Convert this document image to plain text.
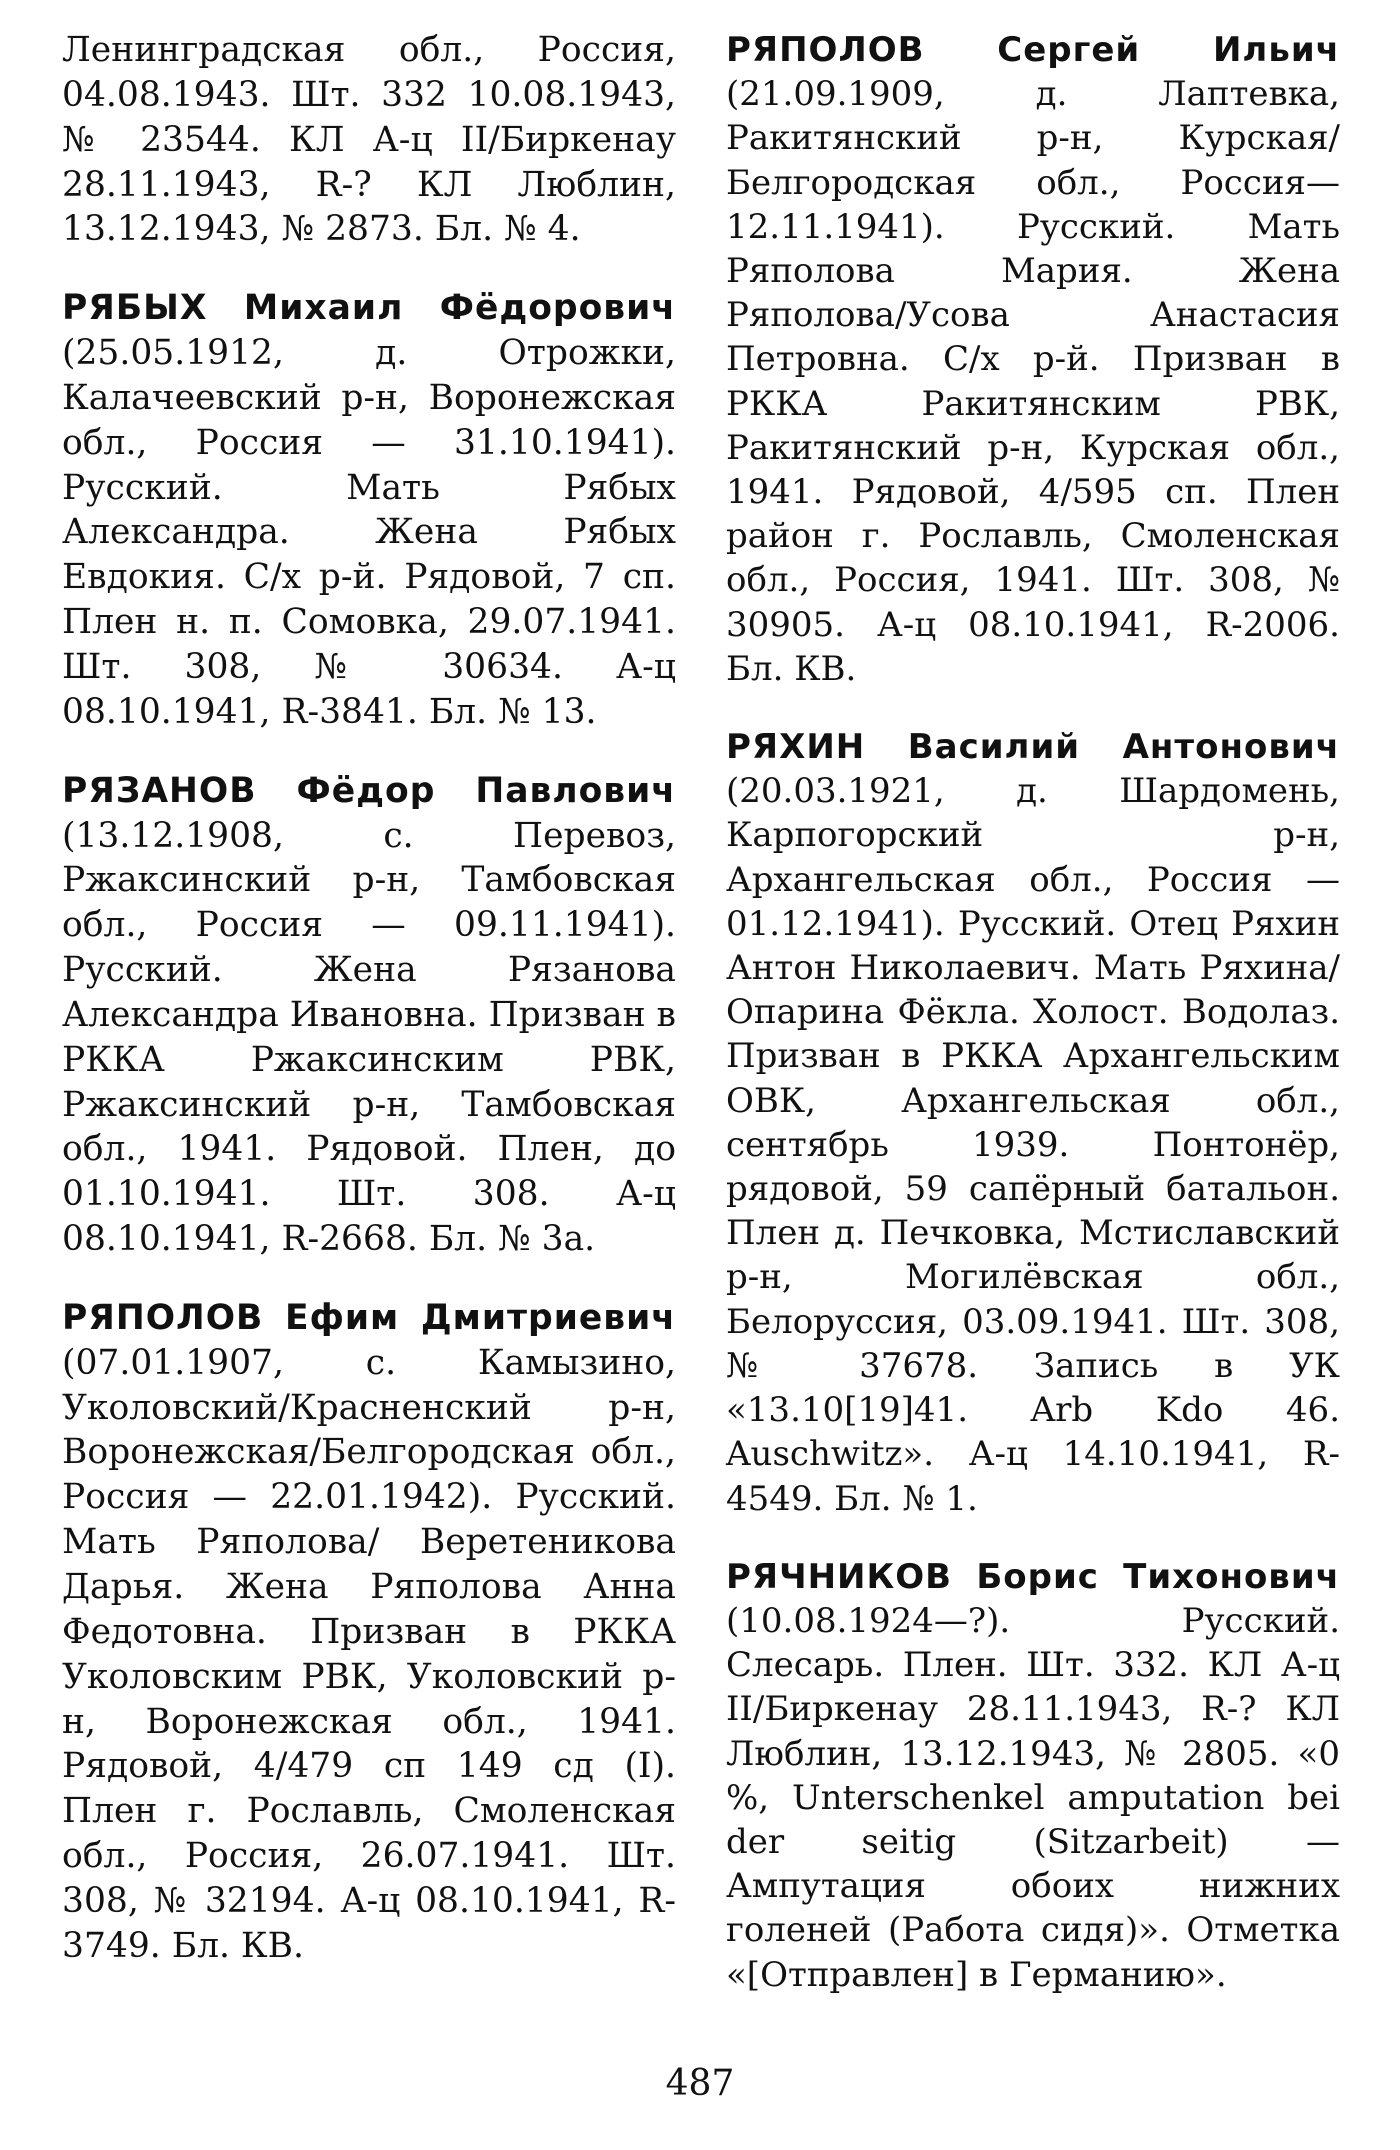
Ленинградская обл., Россия, 04.08.1943. Шт. 332 10.08.1943, № 23544. КЛ А-ц II/Биркенау 28.11.1943, R-? КЛ Люблин, 13.12.1943, № 2873. Бл. № 4.

РЯБЫХ Михаил Фёдорович (25.05.1912, д. Отрожки, Калачеевский р-н, Воронежская обл., Россия — 31.10.1941). Русский. Мать Рябых Александра. Жена Рябых Евдокия. С/х р-й. Рядовой, 7 сп. Плен н. п. Сомовка, 29.07.1941. Шт. 308, № 30634. А-ц 08.10.1941, R-3841. Бл. № 13.

РЯЗАНОВ Фёдор Павлович (13.12.1908, с. Перевоз, Ржаксинский р-н, Тамбовская обл., Россия — 09.11.1941). Русский. Жена Рязанова Александра Ивановна. Призван в РККА Ржаксинским РВК, Ржаксинский р-н, Тамбовская обл., 1941. Рядовой. Плен, до 01.10.1941. Шт. 308. А-ц 08.10.1941, R-2668. Бл. № 3а.

РЯПОЛОВ Ефим Дмитриевич (07.01.1907, с. Камызино, Уколовский/Красненский р-н, Воронежская/Белгородская обл., Россия — 22.01.1942). Русский. Мать Ряполова/ Веретеникова Дарья. Жена Ряполова Анна Федотовна. Призван в РККА Уколовским РВК, Уколовский р-н, Воронежская обл., 1941. Рядовой, 4/479 сп 149 сд (I). Плен г. Рославль, Смоленская обл., Россия, 26.07.1941. Шт. 308, № 32194. А-ц 08.10.1941, R-3749. Бл. КВ.

РЯПОЛОВ Сергей Ильич (21.09.1909, д. Лаптевка, Ракитянский р-н, Курская/Белгородская обл., Россия— 12.11.1941). Русский. Мать Ряполова Мария. Жена Ряполова/Усова Анастасия Петровна. С/х р-й. Призван в РККА Ракитянским РВК, Ракитянский р-н, Курская обл., 1941. Рядовой, 4/595 сп. Плен район г. Рославль, Смоленская обл., Россия, 1941. Шт. 308, № 30905. А-ц 08.10.1941, R-2006. Бл. КВ.

РЯХИН Василий Антонович (20.03.1921, д. Шардомень, Карпогорский р-н, Архангельская обл., Россия — 01.12.1941). Русский. Отец Ряхин Антон Николаевич. Мать Ряхина/ Опарина Фёкла. Холост. Водолаз. Призван в РККА Архангельским ОВК, Архангельская обл., сентябрь 1939. Понтонёр, рядовой, 59 сапёрный батальон. Плен д. Печковка, Мстиславский р-н, Могилёвская обл., Белоруссия, 03.09.1941. Шт. 308, № 37678. Запись в УК «13.10[19]41. Arb Kdo 46. Auschwitz». А-ц 14.10.1941, R-4549. Бл. № 1.

РЯЧНИКОВ Борис Тихонович (10.08.1924—?). Русский. Слесарь. Плен. Шт. 332. КЛ А-ц II/Биркенау 28.11.1943, R-? КЛ Люблин, 13.12.1943, № 2805. «0 %, Unterschenkel amputation bei der seitig (Sitzarbeit) — Ампутация обоих нижних голеней (Работа сидя)». Отметка «[Отправлен] в Германию».

487
